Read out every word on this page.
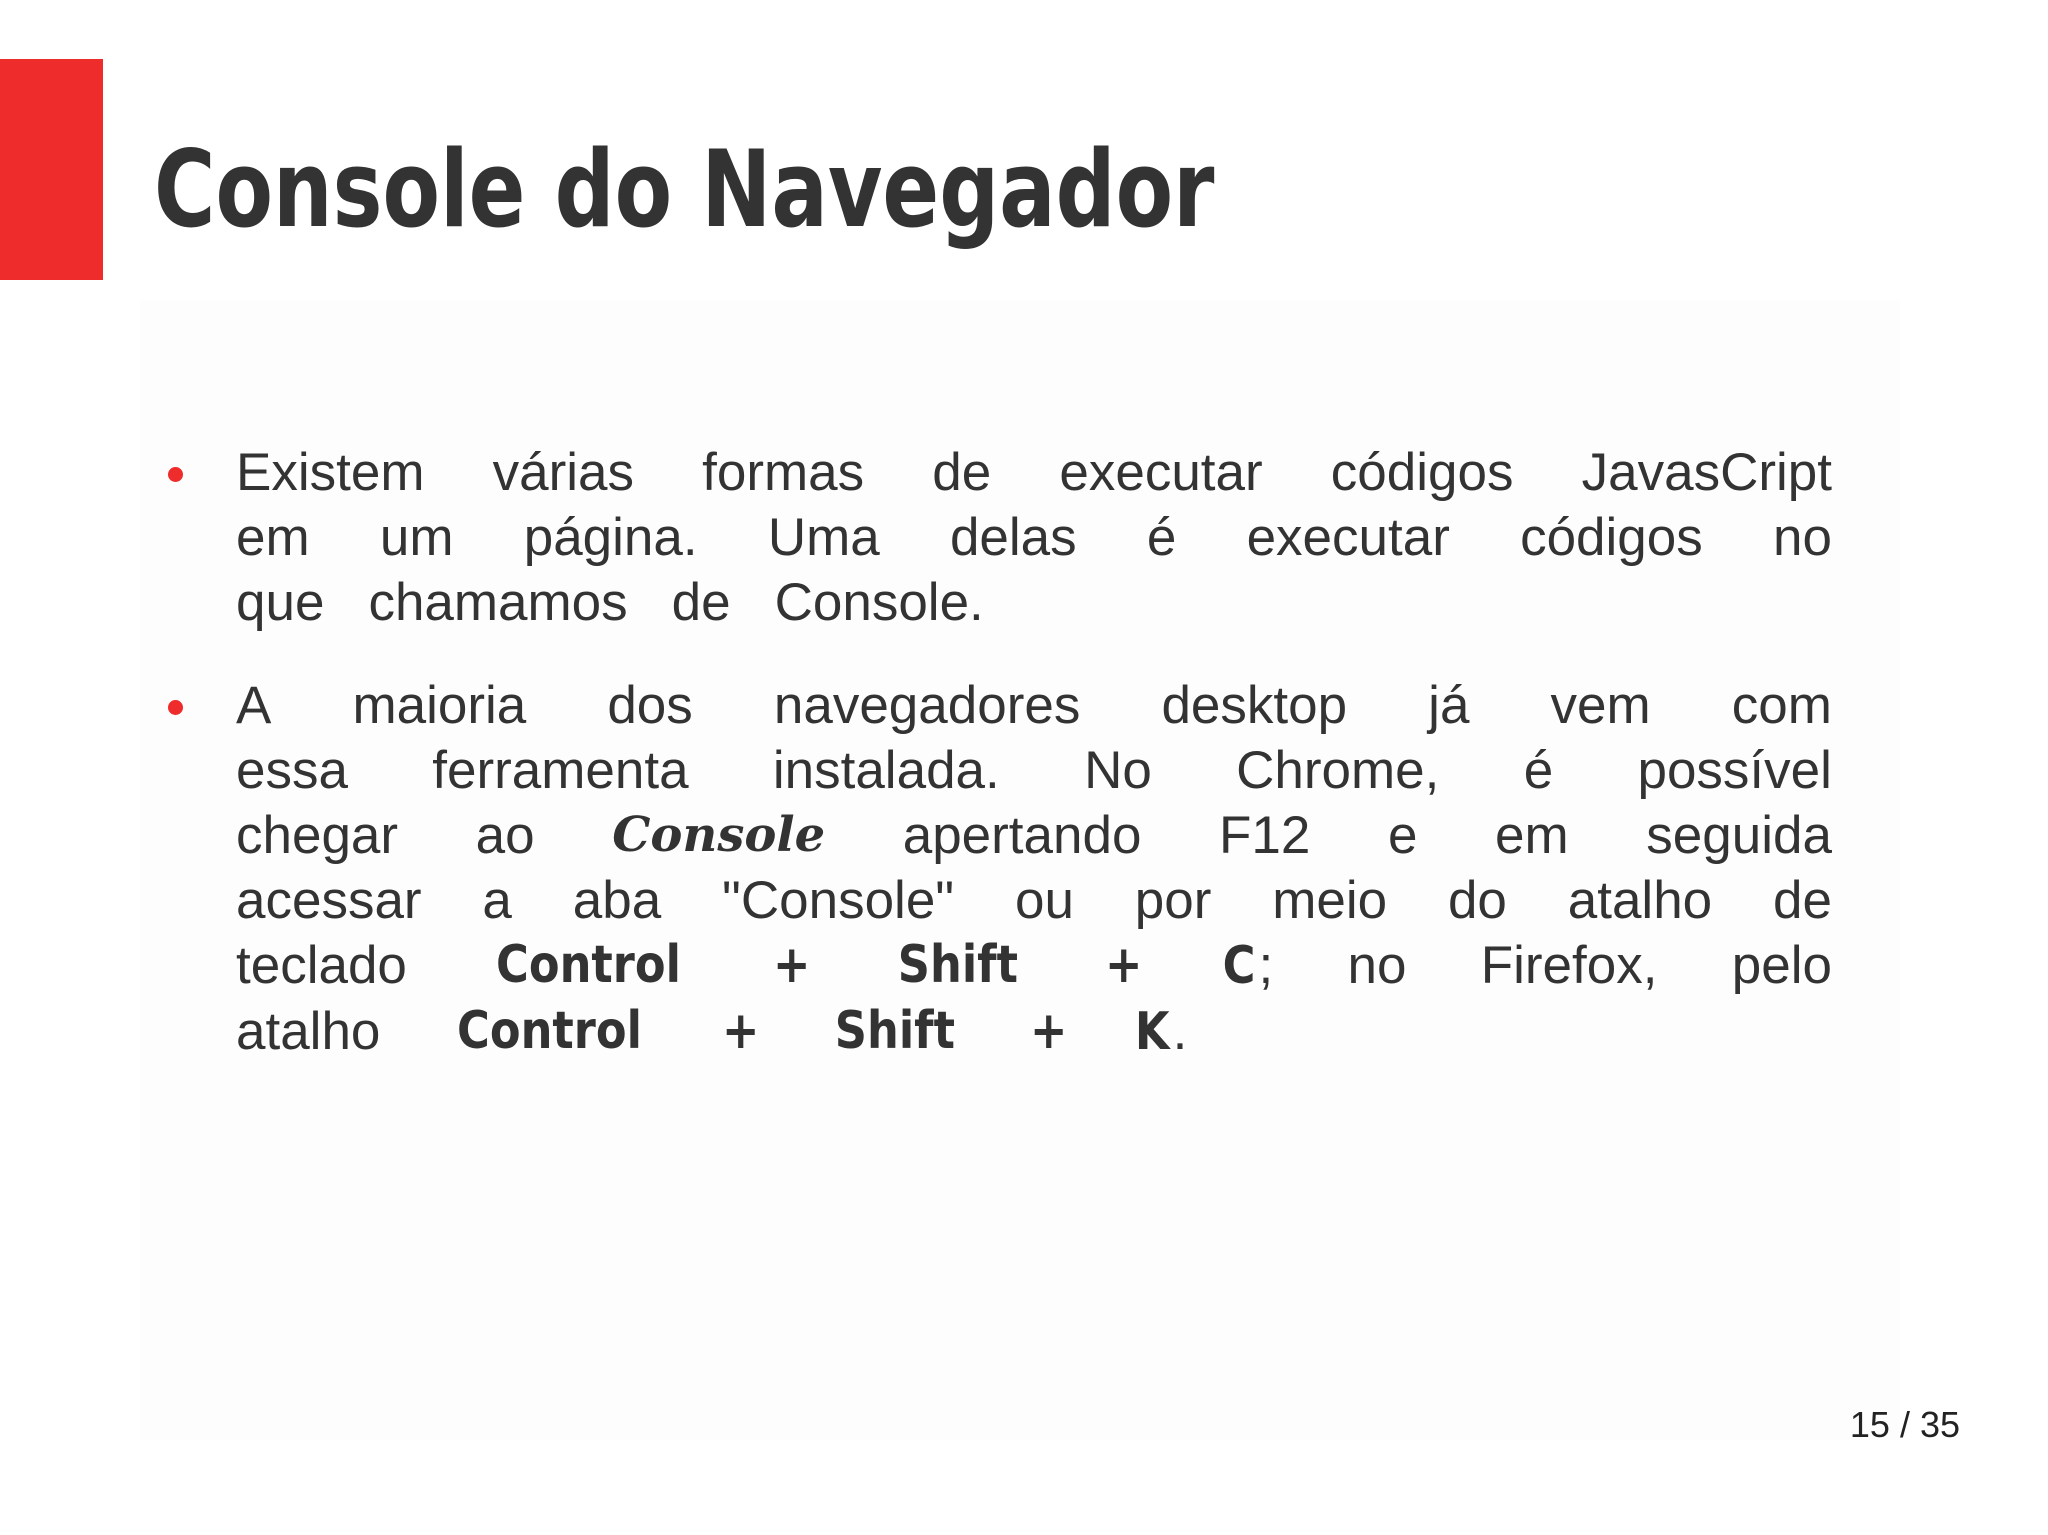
Console do Navegador
Existem várias formas de executar códigos JavasCript
em um página. Uma delas é executar códigos no
que chamamos de Console.
A maioria dos navegadores desktop já vem com
essa ferramenta instalada. No Chrome, é possível
chegar ao Console apertando F12 e em seguida
acessar a aba "Console" ou por meio do atalho de
teclado Control + Shift + C; no Firefox, pelo
atalho Control + Shift + K.
15 / 35
